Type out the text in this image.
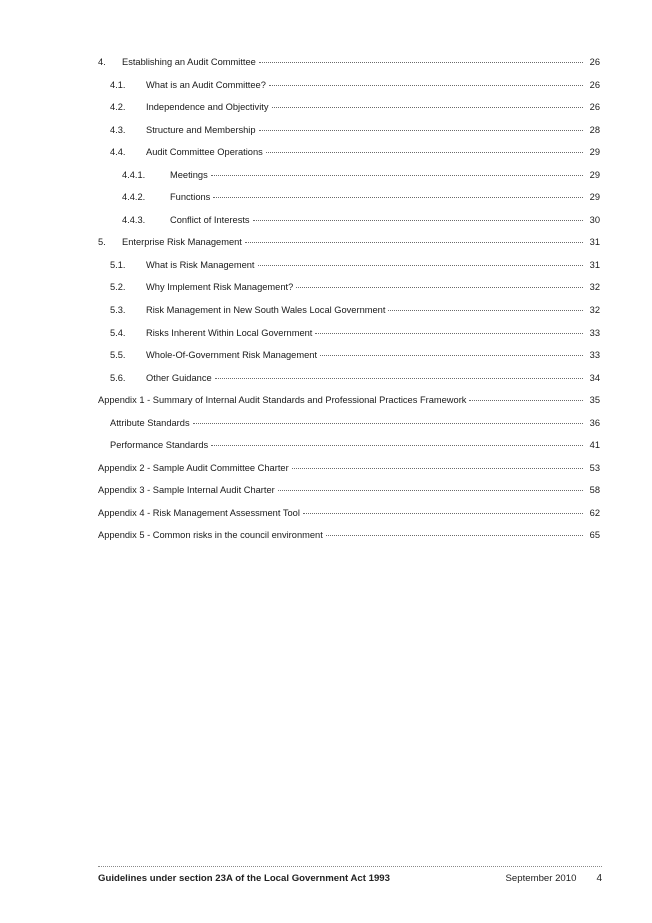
4.	Establishing an Audit Committee	26
4.1.	What is an Audit Committee?	26
4.2.	Independence and Objectivity	26
4.3.	Structure and Membership	28
4.4.	Audit Committee Operations	29
4.4.1.	Meetings	29
4.4.2.	Functions	29
4.4.3.	Conflict of Interests	30
5.	Enterprise Risk Management	31
5.1.	What is Risk Management	31
5.2.	Why Implement Risk Management?	32
5.3.	Risk Management in New South Wales Local Government	32
5.4.	Risks Inherent Within Local Government	33
5.5.	Whole-Of-Government Risk Management	33
5.6.	Other Guidance	34
Appendix 1 - Summary of Internal Audit Standards and Professional Practices Framework	35
Attribute Standards	36
Performance Standards	41
Appendix 2 - Sample Audit Committee Charter	53
Appendix 3 - Sample Internal Audit Charter	58
Appendix 4 - Risk Management Assessment Tool	62
Appendix 5 - Common risks in the council environment	65
Guidelines under section 23A of the Local Government Act 1993	September 2010 4
